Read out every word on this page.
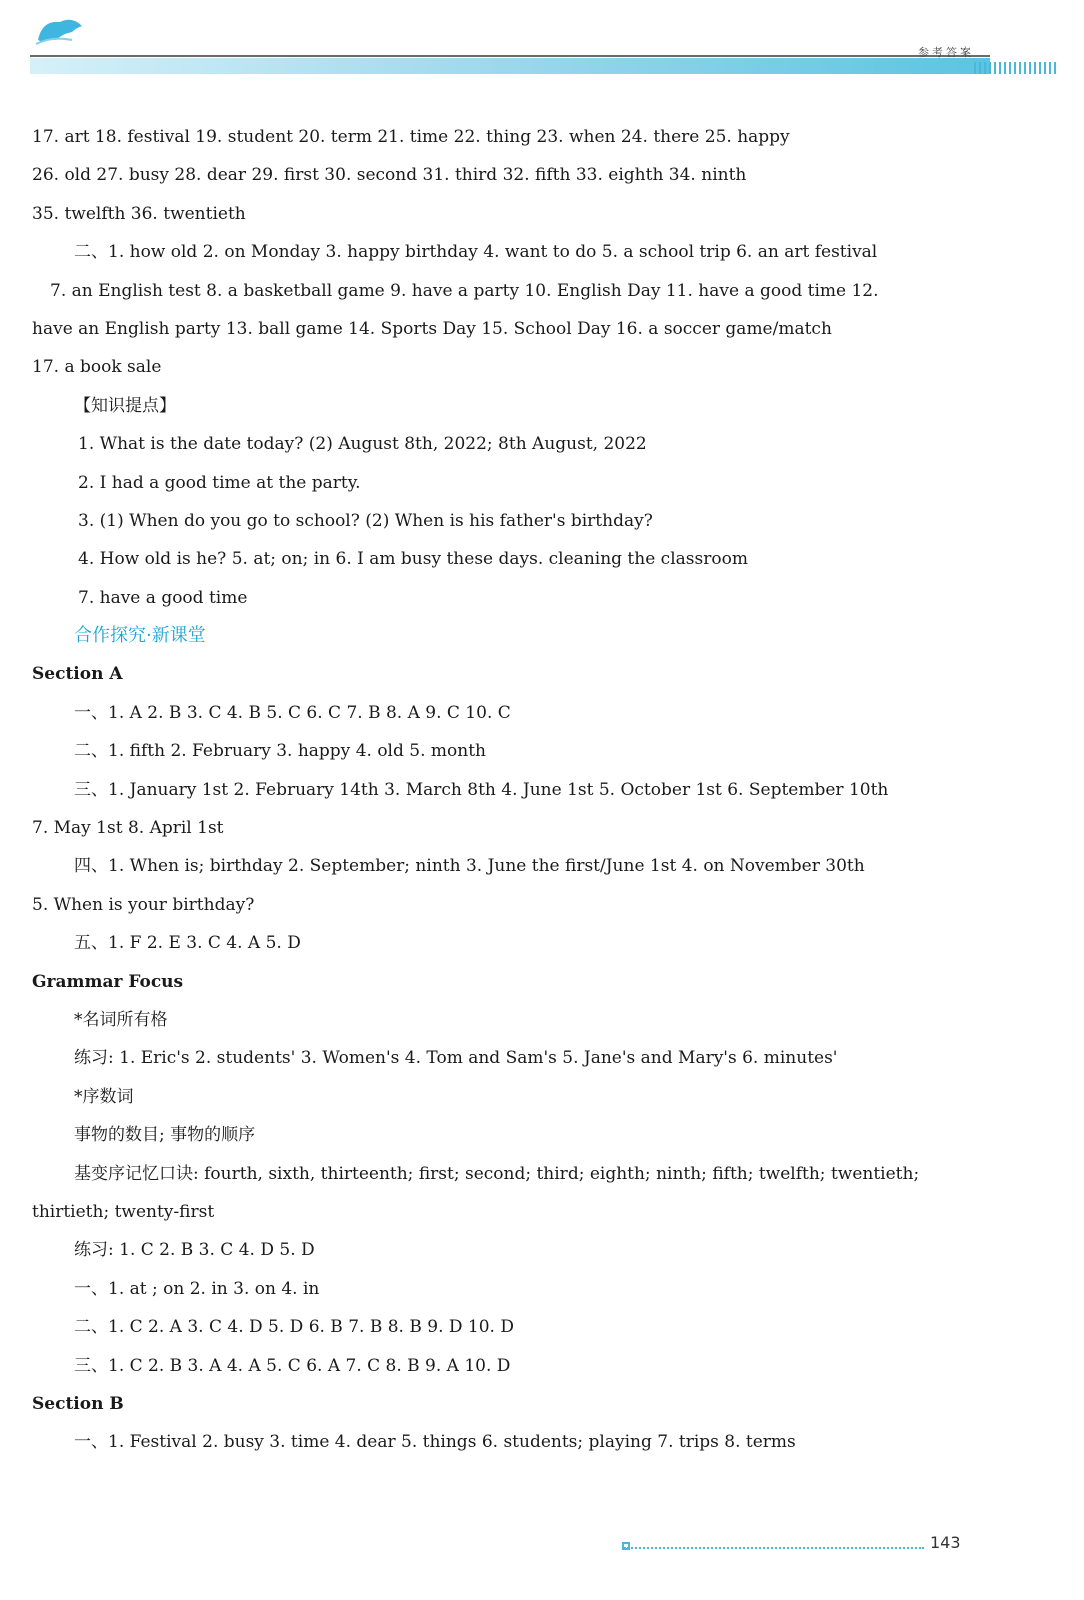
参考答案
17. art 18. festival 19. student 20. term 21. time 22. thing 23. when 24. there 25. happy
26. old 27. busy 28. dear 29. first 30. second 31. third 32. fifth 33. eighth 34. ninth
35. twelfth 36. twentieth
二、1. how old 2. on Monday 3. happy birthday 4. want to do 5. a school trip 6. an art festival
7. an English test 8. a basketball game 9. have a party 10. English Day 11. have a good time 12.
have an English party 13. ball game 14. Sports Day 15. School Day 16. a soccer game/match
17. a book sale
【知识提点】
1. What is the date today? (2) August 8th, 2022; 8th August, 2022
2. I had a good time at the party.
3. (1) When do you go to school? (2) When is his father's birthday?
4. How old is he? 5. at; on; in 6. I am busy these days. cleaning the classroom
7. have a good time
合作探究·新课堂
Section A
一、1. A 2. B 3. C 4. B 5. C 6. C 7. B 8. A 9. C 10. C
二、1. fifth 2. February 3. happy 4. old 5. month
三、1. January 1st 2. February 14th 3. March 8th 4. June 1st 5. October 1st 6. September 10th
7. May 1st 8. April 1st
四、1. When is; birthday 2. September; ninth 3. June the first/June 1st 4. on November 30th
5. When is your birthday?
五、1. F 2. E 3. C 4. A 5. D
Grammar Focus
*名词所有格
练习: 1. Eric's 2. students' 3. Women's 4. Tom and Sam's 5. Jane's and Mary's 6. minutes'
*序数词
事物的数目; 事物的顺序
基变序记忆口诀: fourth, sixth, thirteenth; first; second; third; eighth; ninth; fifth; twelfth; twentieth;
thirtieth; twenty-first
练习: 1. C 2. B 3. C 4. D 5. D
一、1. at ; on 2. in 3. on 4. in
二、1. C 2. A 3. C 4. D 5. D 6. B 7. B 8. B 9. D 10. D
三、1. C 2. B 3. A 4. A 5. C 6. A 7. C 8. B 9. A 10. D
Section B
一、1. Festival 2. busy 3. time 4. dear 5. things 6. students; playing 7. trips 8. terms
143
